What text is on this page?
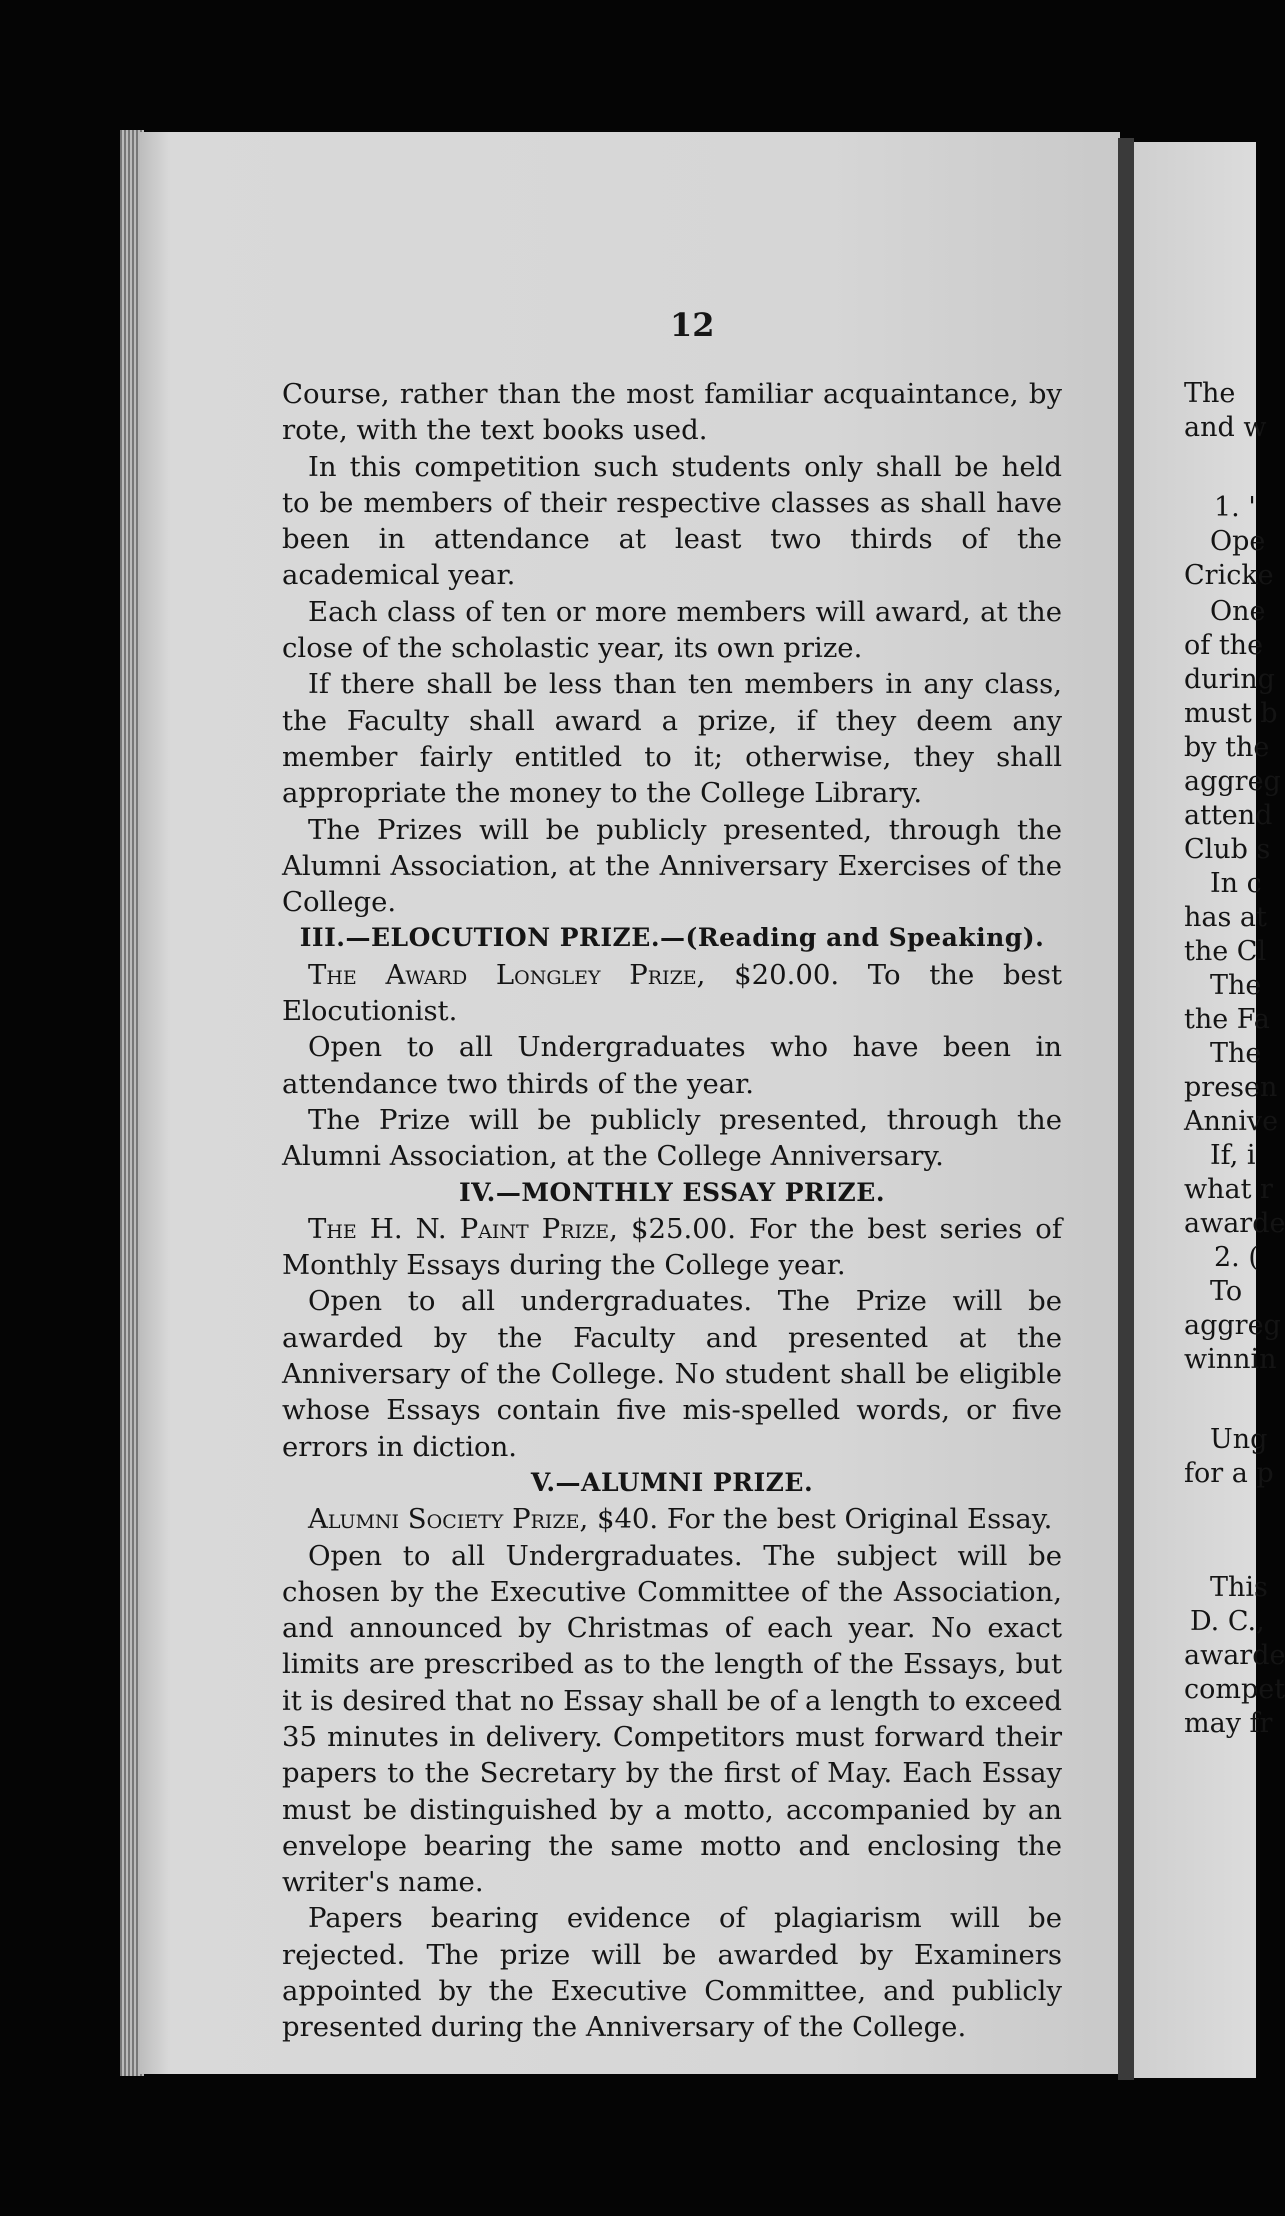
The
and w
1. '
Ope
Cricke
One
of the
during
must b
by the
aggreg
attend
Club s
In c
has at
the Cl
The
the Fa
The
presen
Annive
If, i
what r
awarde
2. (
To
aggreg
winnin
Ung
for a p
This
D. C.,
awarde
compet
may fr
12

Course, rather than the most familiar acquaintance, by rote, with the text books used.

In this competition such students only shall be held to be members of their respective classes as shall have been in attendance at least two thirds of the academical year.

Each class of ten or more members will award, at the close of the scholastic year, its own prize.

If there shall be less than ten members in any class, the Faculty shall award a prize, if they deem any member fairly entitled to it; otherwise, they shall appropriate the money to the College Library.

The Prizes will be publicly presented, through the Alumni Association, at the Anniversary Exercises of the College.

III.—ELOCUTION PRIZE.—(Reading and Speaking).

The Award Longley Prize, $20.00. To the best Elocutionist.

Open to all Undergraduates who have been in attendance two thirds of the year.

The Prize will be publicly presented, through the Alumni Association, at the College Anniversary.

IV.—MONTHLY ESSAY PRIZE.

The H. N. Paint Prize, $25.00. For the best series of Monthly Essays during the College year.

Open to all undergraduates. The Prize will be awarded by the Faculty and presented at the Anniversary of the College. No student shall be eligible whose Essays contain five mis-spelled words, or five errors in diction.

V.—ALUMNI PRIZE.

Alumni Society Prize, $40. For the best Original Essay.

Open to all Undergraduates. The subject will be chosen by the Executive Committee of the Association, and announced by Christmas of each year. No exact limits are prescribed as to the length of the Essays, but it is desired that no Essay shall be of a length to exceed 35 minutes in delivery. Competitors must forward their papers to the Secretary by the first of May. Each Essay must be distinguished by a motto, accompanied by an envelope bearing the same motto and enclosing the writer's name.

Papers bearing evidence of plagiarism will be rejected. The prize will be awarded by Examiners appointed by the Executive Committee, and publicly presented during the Anniversary of the College.
